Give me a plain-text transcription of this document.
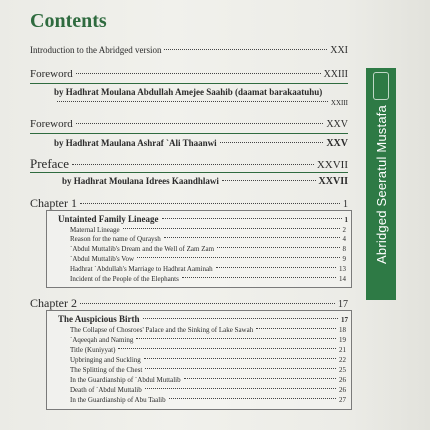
Contents
Introduction to the Abridged version	XXI
Foreword	XXIII
by Hadhrat Moulana Abdullah Amejee Saahib (daamat barakaatuhu)
XXIII
Foreword	XXV
by Hadhrat Maulana Ashraf `Ali Thaanwi	XXV
Preface	XXVII
by Hadhrat Moulana Idrees Kaandhlawi	XXVII
Chapter 1	1
Untainted Family Lineage	1
Maternal Lineage	2
Reason for the name of Quraysh	4
`Abdul Muttalib's Dream and the Well of Zam Zam	8
`Abdul Muttalib's Vow	9
Hadhrat `Abdullah's Marriage to Hadhrat Aaminah	13
Incident of the People of the Elephants	14
Chapter 2	17
The Auspicious Birth	17
The Collapse of Chosroes' Palace and the Sinking of Lake Sawah	18
`Aqeeqah and Naming	19
Title (Kuniyyat)	21
Upbringing and Suckling	22
The Splitting of the Chest	25
In the Guardianship of `Abdul Muttalib	26
Death of `Abdul Muttalib	26
In the Guardianship of Abu Taalib	27
Abridged Seeratul Mustafa
